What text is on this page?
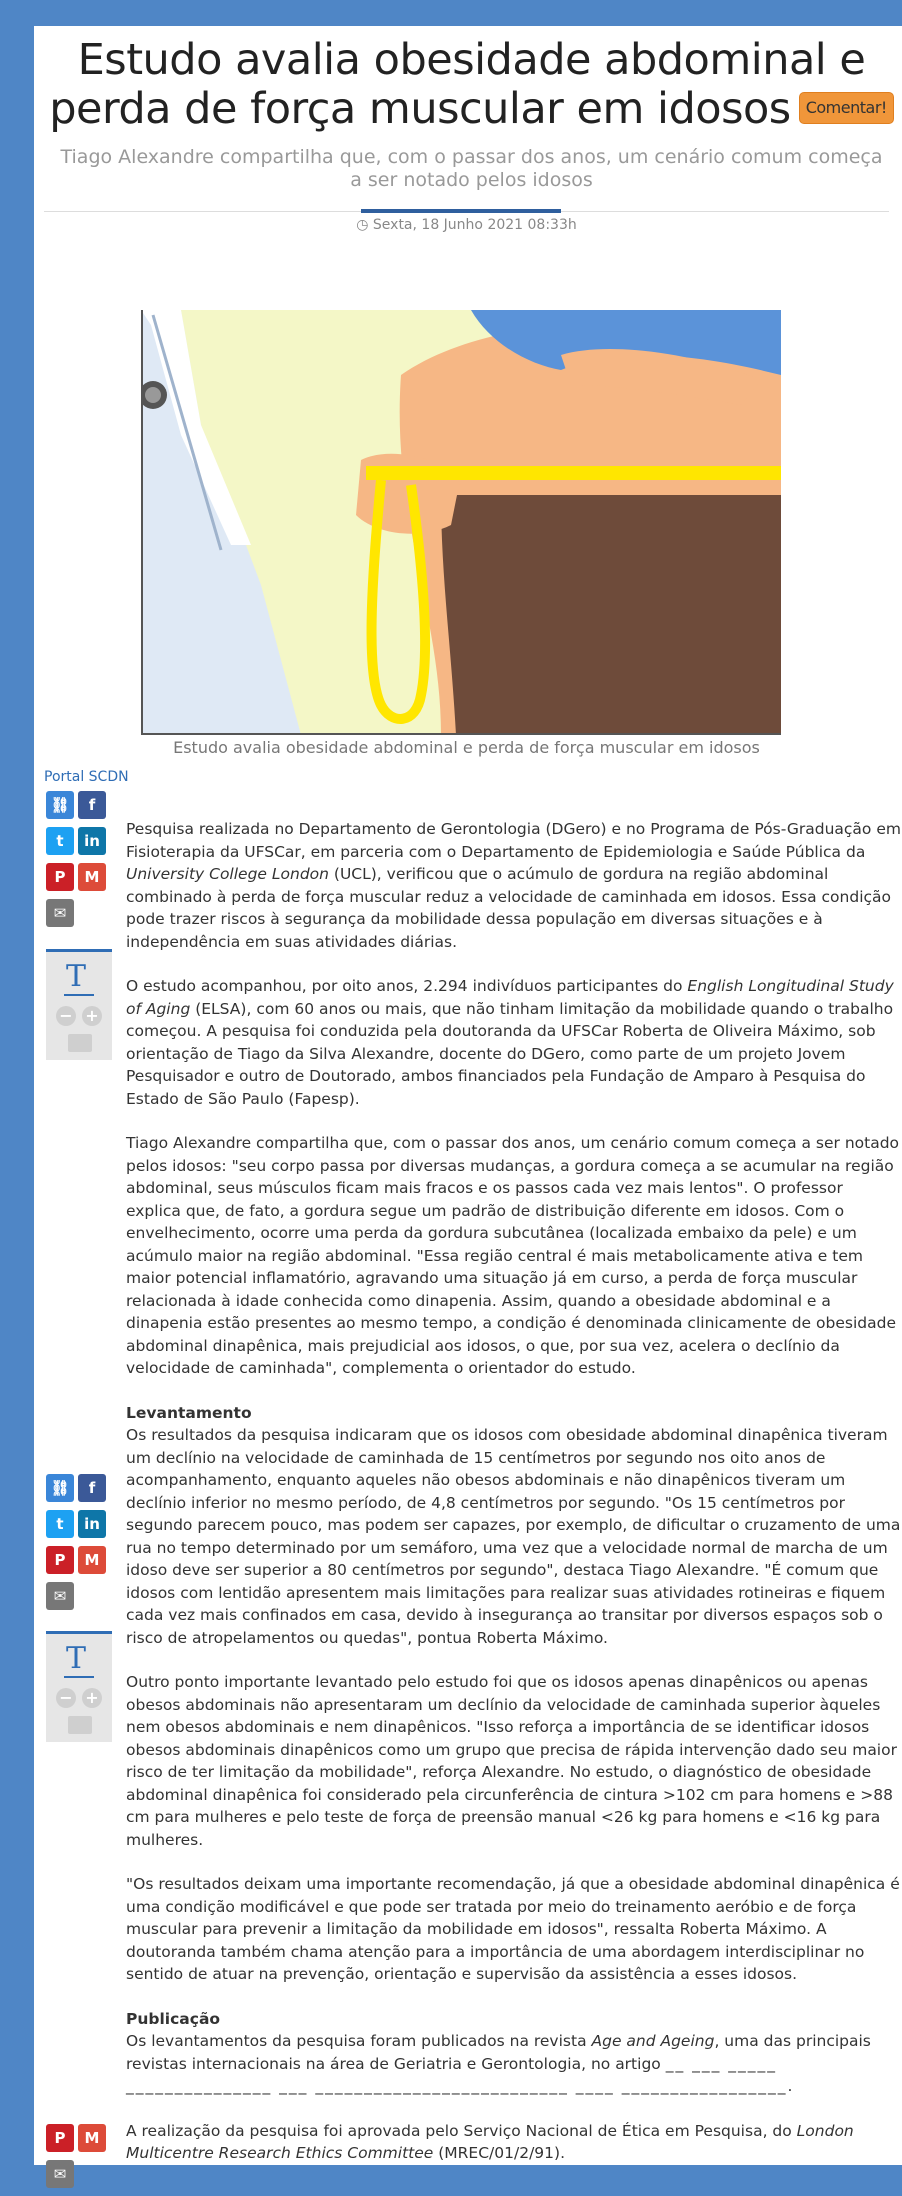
Estudo avalia obesidade abdominal e perda de força muscular em idosos Comentar!
Tiago Alexandre compartilha que, com o passar dos anos, um cenário comum começa a ser notado pelos idosos
◷ Sexta, 18 Junho 2021 08:33h
Estudo avalia obesidade abdominal e perda de força muscular em idosos
Portal SCDN
⛓ f
t in
P M
✉
T
− +
⛓ f
t in
P M
✉
T
− +
P M
✉

Pesquisa realizada no Departamento de Gerontologia (DGero) e no Programa de Pós-Graduação em Fisioterapia da UFSCar, em parceria com o Departamento de Epidemiologia e Saúde Pública da University College London (UCL), verificou que o acúmulo de gordura na região abdominal combinado à perda de força muscular reduz a velocidade de caminhada em idosos. Essa condição pode trazer riscos à segurança da mobilidade dessa população em diversas situações e à independência em suas atividades diárias.

O estudo acompanhou, por oito anos, 2.294 indivíduos participantes do English Longitudinal Study of Aging (ELSA), com 60 anos ou mais, que não tinham limitação da mobilidade quando o trabalho começou. A pesquisa foi conduzida pela doutoranda da UFSCar Roberta de Oliveira Máximo, sob orientação de Tiago da Silva Alexandre, docente do DGero, como parte de um projeto Jovem Pesquisador e outro de Doutorado, ambos financiados pela Fundação de Amparo à Pesquisa do Estado de São Paulo (Fapesp).

Tiago Alexandre compartilha que, com o passar dos anos, um cenário comum começa a ser notado pelos idosos: "seu corpo passa por diversas mudanças, a gordura começa a se acumular na região abdominal, seus músculos ficam mais fracos e os passos cada vez mais lentos". O professor explica que, de fato, a gordura segue um padrão de distribuição diferente em idosos. Com o envelhecimento, ocorre uma perda da gordura subcutânea (localizada embaixo da pele) e um acúmulo maior na região abdominal. "Essa região central é mais metabolicamente ativa e tem maior potencial inflamatório, agravando uma situação já em curso, a perda de força muscular relacionada à idade conhecida como dinapenia. Assim, quando a obesidade abdominal e a dinapenia estão presentes ao mesmo tempo, a condição é denominada clinicamente de obesidade abdominal dinapênica, mais prejudicial aos idosos, o que, por sua vez, acelera o declínio da velocidade de caminhada", complementa o orientador do estudo.

Levantamento

Os resultados da pesquisa indicaram que os idosos com obesidade abdominal dinapênica tiveram um declínio na velocidade de caminhada de 15 centímetros por segundo nos oito anos de acompanhamento, enquanto aqueles não obesos abdominais e não dinapênicos tiveram um declínio inferior no mesmo período, de 4,8 centímetros por segundo. "Os 15 centímetros por segundo parecem pouco, mas podem ser capazes, por exemplo, de dificultar o cruzamento de uma rua no tempo determinado por um semáforo, uma vez que a velocidade normal de marcha de um idoso deve ser superior a 80 centímetros por segundo", destaca Tiago Alexandre. "É comum que idosos com lentidão apresentem mais limitações para realizar suas atividades rotineiras e fiquem cada vez mais confinados em casa, devido à insegurança ao transitar por diversos espaços sob o risco de atropelamentos ou quedas", pontua Roberta Máximo.

Outro ponto importante levantado pelo estudo foi que os idosos apenas dinapênicos ou apenas obesos abdominais não apresentaram um declínio da velocidade de caminhada superior àqueles nem obesos abdominais e nem dinapênicos. "Isso reforça a importância de se identificar idosos obesos abdominais dinapênicos como um grupo que precisa de rápida intervenção dado seu maior risco de ter limitação da mobilidade", reforça Alexandre. No estudo, o diagnóstico de obesidade abdominal dinapênica foi considerado pela circunferência de cintura >102 cm para homens e >88 cm para mulheres e pelo teste de força de preensão manual <26 kg para homens e <16 kg para mulheres.

"Os resultados deixam uma importante recomendação, já que a obesidade abdominal dinapênica é uma condição modificável e que pode ser tratada por meio do treinamento aeróbio e de força muscular para prevenir a limitação da mobilidade em idosos", ressalta Roberta Máximo. A doutoranda também chama atenção para a importância de uma abordagem interdisciplinar no sentido de atuar na prevenção, orientação e supervisão da assistência a esses idosos.

Publicação

Os levantamentos da pesquisa foram publicados na revista Age and Ageing, uma das principais revistas internacionais na área de Geriatria e Gerontologia, no artigo __ ___ _____ _______________ ___ __________________________ ____ _________________.

A realização da pesquisa foi aprovada pelo Serviço Nacional de Ética em Pesquisa, do London Multicentre Research Ethics Committee (MREC/01/2/91).
